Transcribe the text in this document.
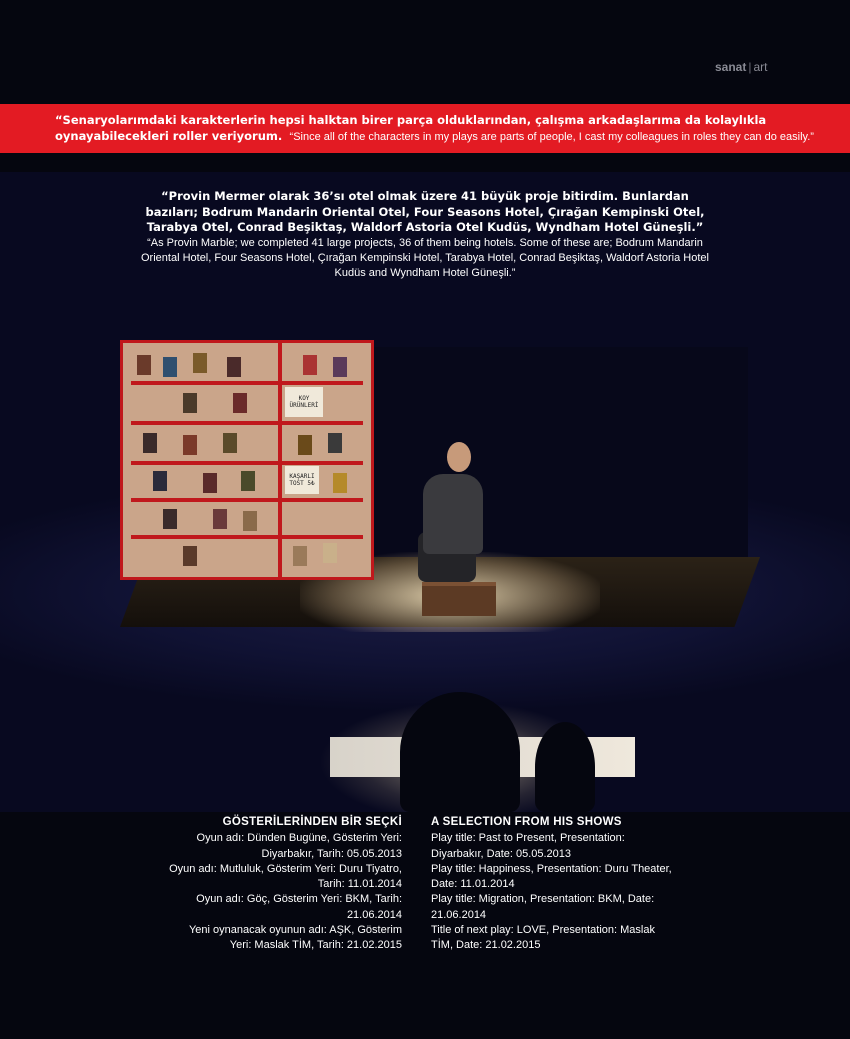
sanat | art

“Senaryolarımdaki karakterlerin hepsi halktan birer parça olduklarından, çalışma arkadaşlarıma da kolaylıkla oynayabilecekleri roller veriyorum. “Since all of the characters in my plays are parts of people, I cast my colleagues in roles they can do easily.”

KOY ÜRÜNLERİ
KAŞARLI TOST 5₺
“Provin Mermer olarak 36’sı otel olmak üzere 41 büyük proje bitirdim. Bunlardan bazıları; Bodrum Mandarin Oriental Otel, Four Seasons Hotel, Çırağan Kempinski Otel, Tarabya Otel, Conrad Beşiktaş, Waldorf Astoria Otel Kudüs, Wyndham Hotel Güneşli.”
“As Provin Marble; we completed 41 large projects, 36 of them being hotels. Some of these are; Bodrum Mandarin Oriental Hotel, Four Seasons Hotel, Çırağan Kempinski Hotel, Tarabya Hotel, Conrad Beşiktaş, Waldorf Astoria Hotel Kudüs and Wyndham Hotel Güneşli.”
GÖSTERİLERİNDEN BİR SEÇKİ

Oyun adı: Dünden Bugüne, Gösterim Yeri: Diyarbakır, Tarih: 05.05.2013

Oyun adı: Mutluluk, Gösterim Yeri: Duru Tiyatro, Tarih: 11.01.2014

Oyun adı: Göç, Gösterim Yeri: BKM, Tarih: 21.06.2014

Yeni oynanacak oyunun adı: AŞK, Gösterim Yeri: Maslak TİM, Tarih: 21.02.2015

A SELECTION FROM HIS SHOWS

Play title: Past to Present, Presentation: Diyarbakır, Date: 05.05.2013

Play title: Happiness, Presentation: Duru Theater, Date: 11.01.2014

Play title: Migration, Presentation: BKM, Date: 21.06.2014

Title of next play: LOVE, Presentation: Maslak TİM, Date: 21.02.2015
